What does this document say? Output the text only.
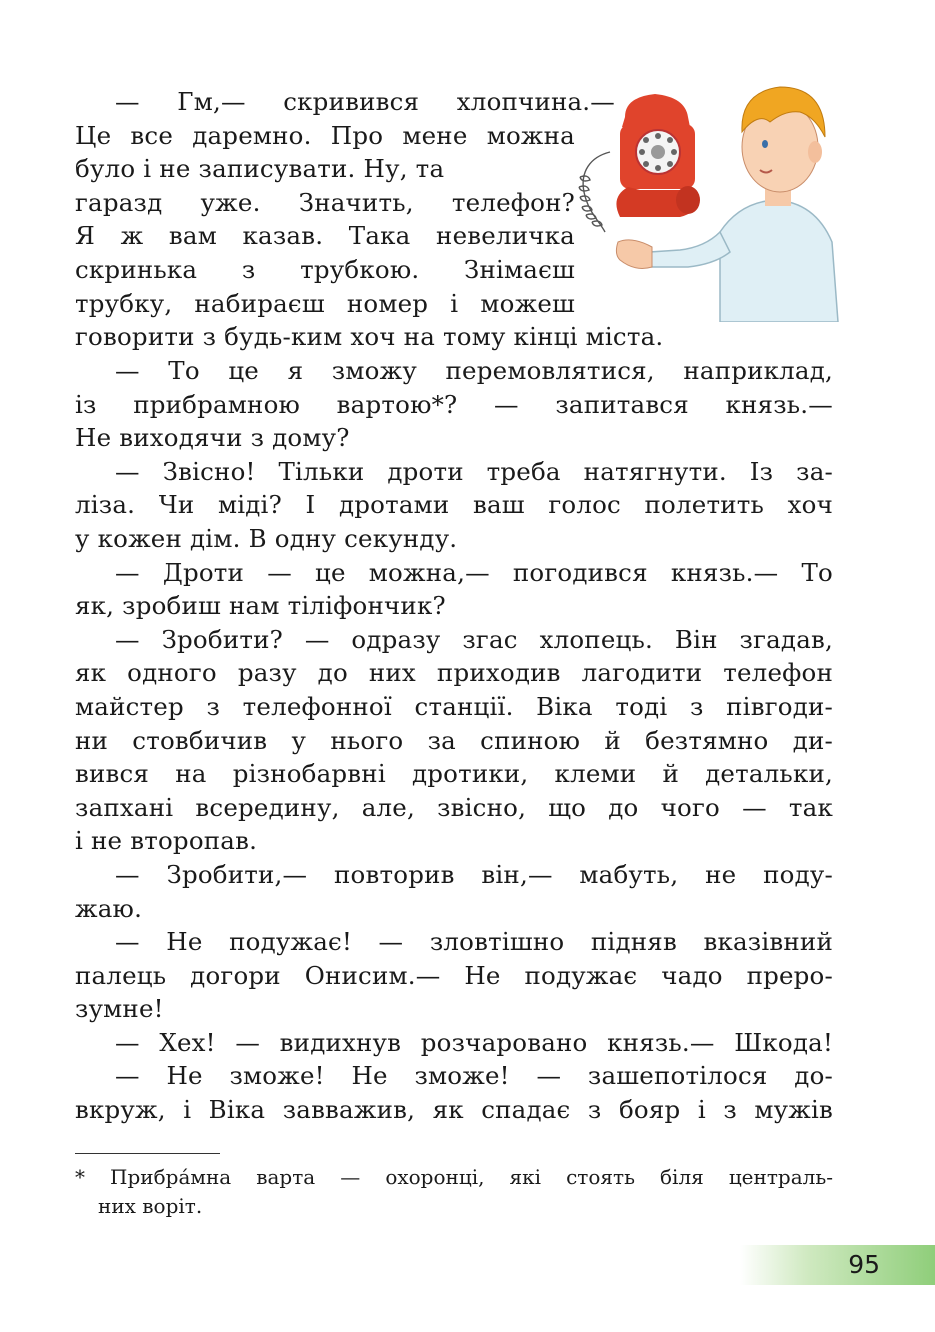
— Гм,— скривився хлопчина.—
Це все даремно. Про мене можна
було і не записувати. Ну, та
гаразд уже. Значить, телефон?
Я ж вам казав. Така невеличка
скринька з трубкою. Знімаєш
трубку, набираєш номер і можеш
говорити з будь-ким хоч на тому кінці міста.
— То це я зможу перемовлятися, наприклад,
із прибрамною вартою*? — запитався князь.—
Не виходячи з дому?
— Звісно! Тільки дроти треба натягнути. Із за-
ліза. Чи міді? І дротами ваш голос полетить хоч
у кожен дім. В одну секунду.
— Дроти — це можна,— погодився князь.— То
як, зробиш нам тіліфончик?
— Зробити? — одразу згас хлопець. Він згадав,
як одного разу до них приходив лагодити телефон
майстер з телефонної станції. Віка тоді з півгоди-
ни стовбичив у нього за спиною й безтямно ди-
вився на різнобарвні дротики, клеми й детальки,
запхані всередину, але, звісно, що до чого — так
і не второпав.
— Зробити,— повторив він,— мабуть, не поду-
жаю.
— Не подужає! — зловтішно підняв вказівний
палець догори Онисим.— Не подужає чадо преро-
зумне!
— Хех! — видихнув розчаровано князь.— Шкода!
— Не зможе! Не зможе! — зашепотілося до-
вкруж, і Віка завважив, як спадає з бояр і з мужів
* Прибра́мна варта — охоронці, які стоять біля централь-
них воріт.
95
